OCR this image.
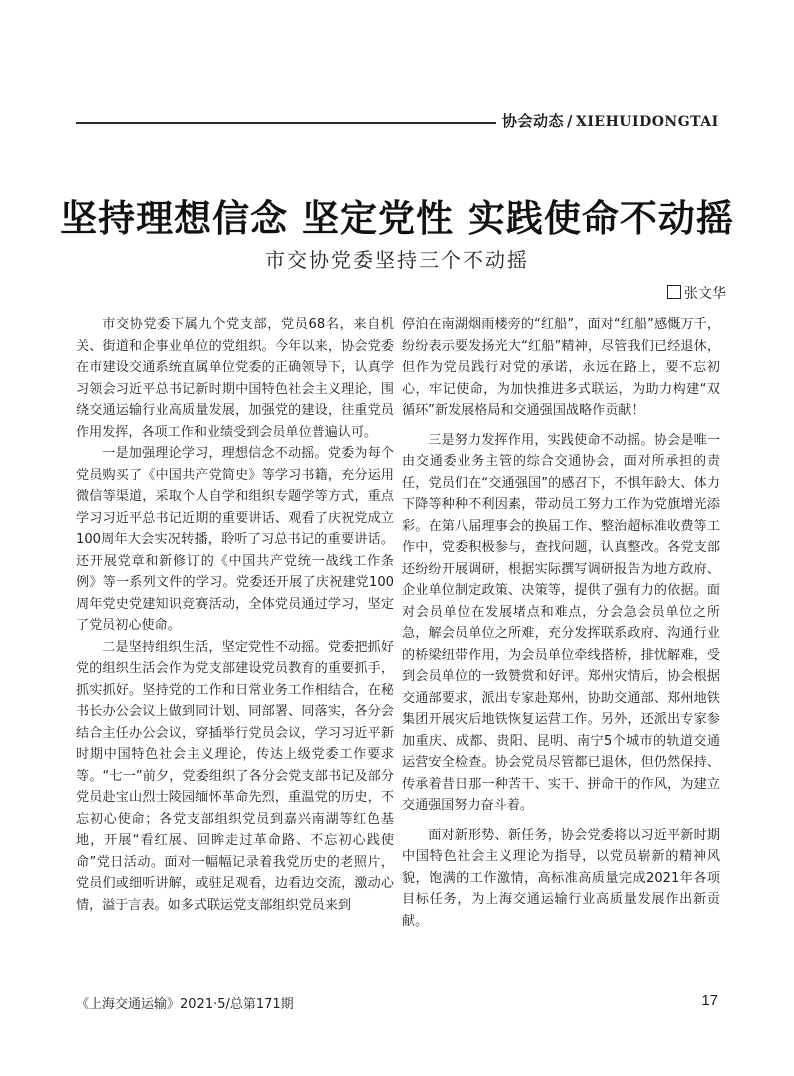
协会动态 / XIEHUIDONGTAI
坚持理想信念 坚定党性 实践使命不动摇
市交协党委坚持三个不动摇
张文华

市交协党委下属九个党支部，党员68名，来自机关、街道和企事业单位的党组织。今年以来，协会党委在市建设交通系统直属单位党委的正确领导下，认真学习领会习近平总书记新时期中国特色社会主义理论，围绕交通运输行业高质量发展，加强党的建设，往重党员作用发挥，各项工作和业绩受到会员单位普遍认可。

一是加强理论学习，理想信念不动摇。党委为每个党员购买了《中国共产党简史》等学习书籍，充分运用微信等渠道，采取个人自学和组织专题学等方式，重点学习习近平总书记近期的重要讲话、观看了庆祝党成立100周年大会实况转播，聆听了习总书记的重要讲话。还开展党章和新修订的《中国共产党统一战线工作条例》等一系列文件的学习。党委还开展了庆祝建党100周年党史党建知识竞赛活动，全体党员通过学习，坚定了党员初心使命。

二是坚持组织生活，坚定党性不动摇。党委把抓好党的组织生活会作为党支部建设党员教育的重要抓手，抓实抓好。坚持党的工作和日常业务工作相结合，在秘书长办公会议上做到同计划、同部署、同落实，各分会结合主任办公会议，穿插举行党员会议，学习习近平新时期中国特色社会主义理论，传达上级党委工作要求等。“七一”前夕，党委组织了各分会党支部书记及部分党员赴宝山烈士陵园缅怀革命先烈，重温党的历史，不忘初心使命；各党支部组织党员到嘉兴南湖等红色基地，开展“看红展、回眸走过革命路、不忘初心践使命”党日活动。面对一幅幅记录着我党历史的老照片，党员们或细听讲解，或驻足观看，边看边交流，激动心情，溢于言表。如多式联运党支部组织党员来到

停泊在南湖烟雨楼旁的“红船”，面对“红船”感慨万千，纷纷表示要发扬光大“红船”精神，尽管我们已经退休，但作为党员践行对党的承诺，永远在路上，要不忘初心，牢记使命，为加快推进多式联运，为助力构建“双循环”新发展格局和交通强国战略作贡献！

三是努力发挥作用，实践使命不动摇。协会是唯一由交通委业务主管的综合交通协会，面对所承担的责任，党员们在“交通强国”的感召下，不惧年龄大、体力下降等种种不利因素，带动员工努力工作为党旗增光添彩。在第八届理事会的换届工作、整治超标准收费等工作中，党委积极参与，查找问题，认真整改。各党支部还纷纷开展调研，根据实际撰写调研报告为地方政府、企业单位制定政策、决策等，提供了强有力的依据。面对会员单位在发展堵点和难点，分会急会员单位之所急，解会员单位之所难，充分发挥联系政府、沟通行业的桥梁纽带作用，为会员单位牵线搭桥，排忧解难，受到会员单位的一致赞赏和好评。郑州灾情后，协会根据交通部要求，派出专家赴郑州，协助交通部、郑州地铁集团开展灾后地铁恢复运营工作。另外，还派出专家参加重庆、成都、贵阳、昆明、南宁5个城市的轨道交通运营安全检查。协会党员尽管都已退休，但仍然保持、传承着昔日那一种苦干、实干、拼命干的作风，为建立交通强国努力奋斗着。

面对新形势、新任务，协会党委将以习近平新时期中国特色社会主义理论为指导，以党员崭新的精神风貌，饱满的工作激情，高标准高质量完成2021年各项目标任务，为上海交通运输行业高质量发展作出新贡献。

《上海交通运输》2021·5/总第171期	17
